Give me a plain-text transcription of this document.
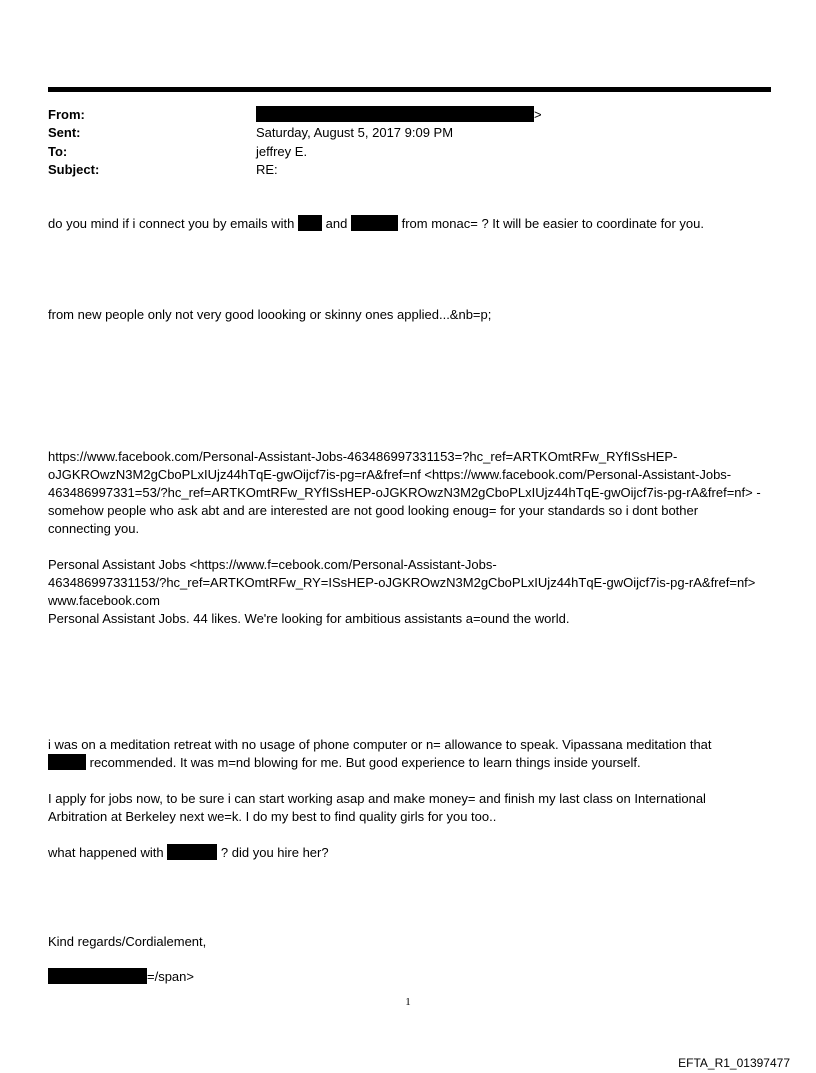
From:	>
Sent:	Saturday, August 5, 2017 9:09 PM
To:	jeffrey E.
Subject:	RE:
do you mind if i connect you by emails with and	from monac= ? It will be easier to coordinate for you.
from new people only not very good loooking or skinny ones applied...&nb=p;
https://www.facebook.com/Personal-Assistant-Jobs-463486997331153=?hc_ref=ARTKOmtRFw_RYfISsHEP-
oJGKROwzN3M2gCboPLxIUjz44hTqE-gwOijcf7is-pg=rA&fref=nf <https://www.facebook.com/Personal-Assistant-Jobs-
463486997331=53/?hc_ref=ARTKOmtRFw_RYfISsHEP-oJGKROwzN3M2gCboPLxIUjz44hTqE-gwOijcf7is-pg-rA&fref=nf> -
somehow people who ask abt and are interested are not good looking enoug= for your standards so i dont bother
connecting you.
Personal Assistant Jobs <https://www.f=cebook.com/Personal-Assistant-Jobs-
463486997331153/?hc_ref=ARTKOmtRFw_RY=ISsHEP-oJGKROwzN3M2gCboPLxIUjz44hTqE-gwOijcf7is-pg-rA&fref=nf>
www.facebook.com
Personal Assistant Jobs. 44 likes. We're looking for ambitious assistants a=ound the world.
i was on a meditation retreat with no usage of phone computer or n= allowance to speak. Vipassana meditation that
recommended. It was m=nd blowing for me. But good experience to learn things inside yourself.
I apply for jobs now, to be sure i can start working asap and make money= and finish my last class on International
Arbitration at Berkeley next we=k. I do my best to find quality girls for you too..
what happened with	? did you hire her?
Kind regards/Cordialement,
=/span>
1
EFTA_R1_01397477
